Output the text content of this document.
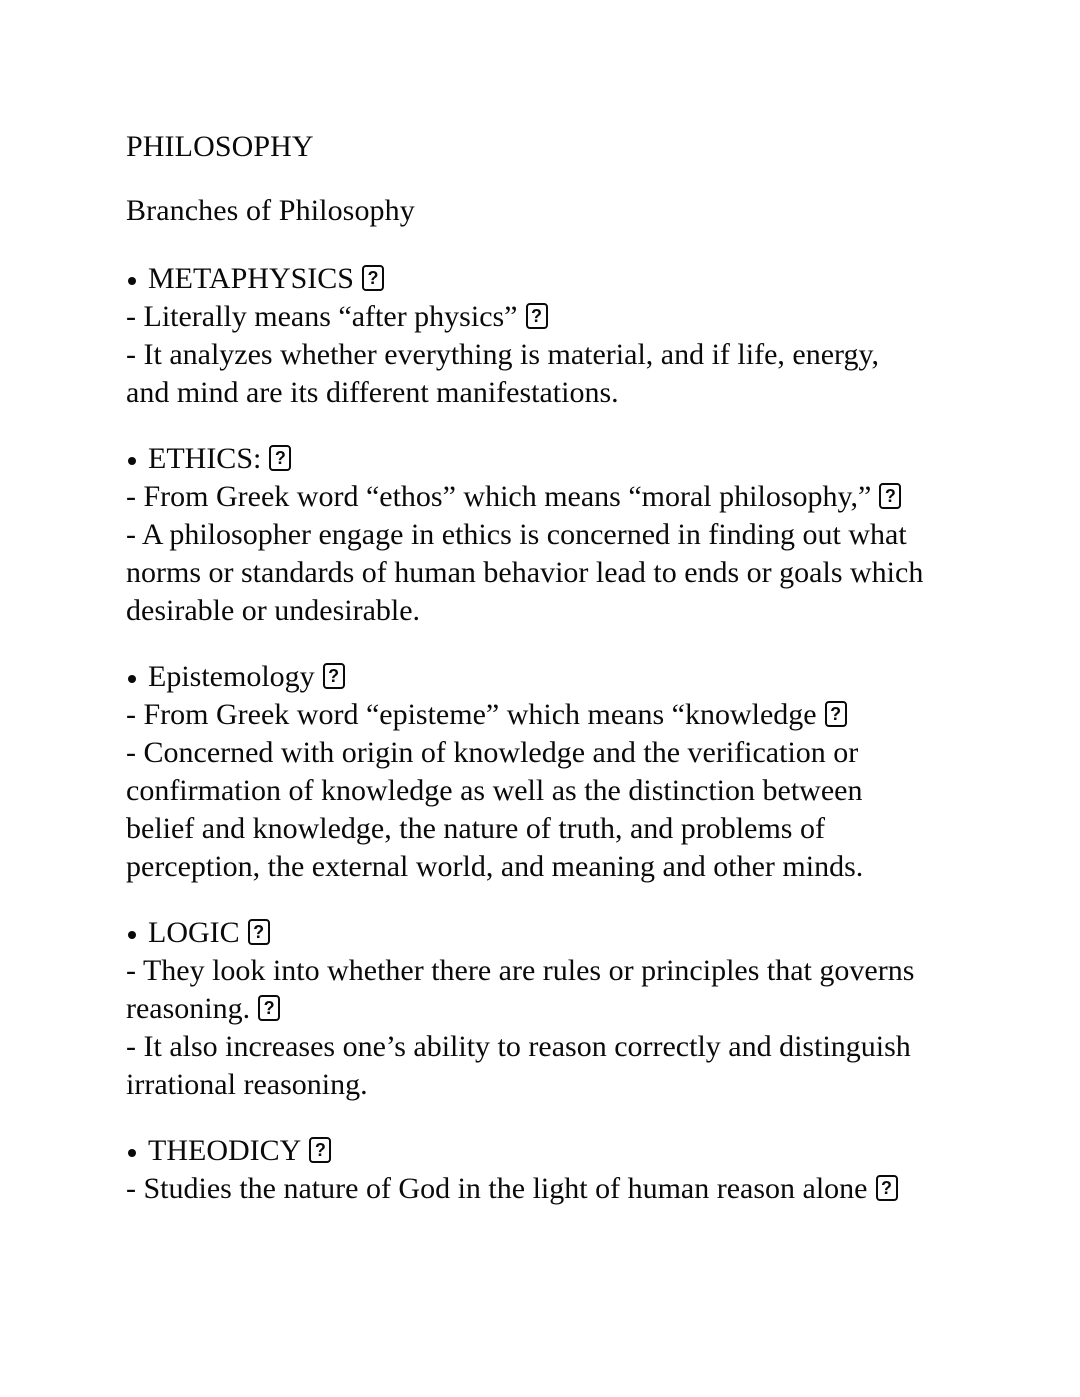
PHILOSOPHY
Branches of Philosophy
METAPHYSICS?
- Literally means “after physics”?
- It analyzes whether everything is material, and if life, energy, and mind are its different manifestations.
ETHICS:?
- From Greek word “ethos” which means “moral philosophy,”?
- A philosopher engage in ethics is concerned in finding out what norms or standards of human behavior lead to ends or goals which desirable or undesirable.
Epistemology?
- From Greek word “episteme” which means “knowledge?
- Concerned with origin of knowledge and the verification or confirmation of knowledge as well as the distinction between belief and knowledge, the nature of truth, and problems of perception, the external world, and meaning and other minds.
LOGIC?
- They look into whether there are rules or principles that governs reasoning.?
- It also increases one’s ability to reason correctly and distinguish irrational reasoning.
THEODICY?
- Studies the nature of God in the light of human reason alone?
